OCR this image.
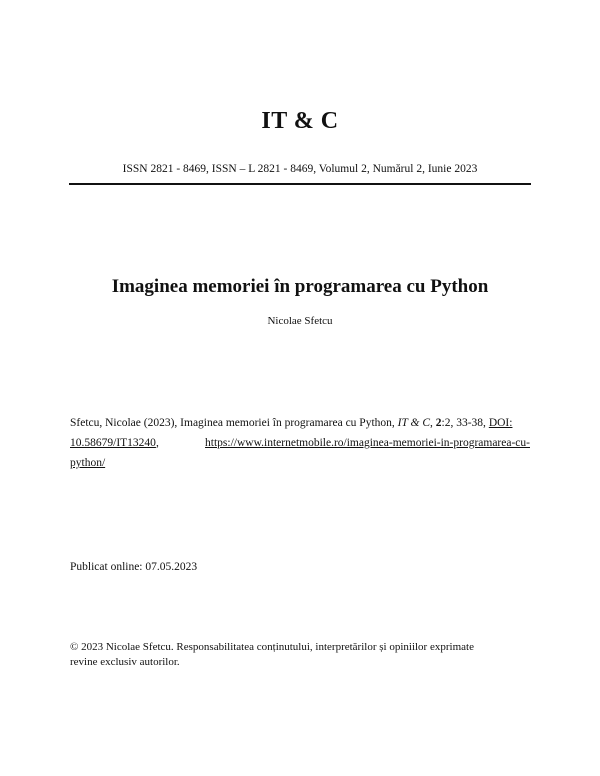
IT & C
ISSN 2821 - 8469, ISSN – L 2821 - 8469, Volumul 2, Numărul 2, Iunie 2023
Imaginea memoriei în programarea cu Python
Nicolae Sfetcu
Sfetcu, Nicolae (2023), Imaginea memoriei în programarea cu Python, IT & C, 2:2, 33-38, DOI:
10.58679/IT13240,	https://www.internetmobile.ro/imaginea-memoriei-in-programarea-cu-
python/
Publicat online: 07.05.2023
© 2023 Nicolae Sfetcu. Responsabilitatea conținutului, interpretărilor și opiniilor exprimate
revine exclusiv autorilor.
